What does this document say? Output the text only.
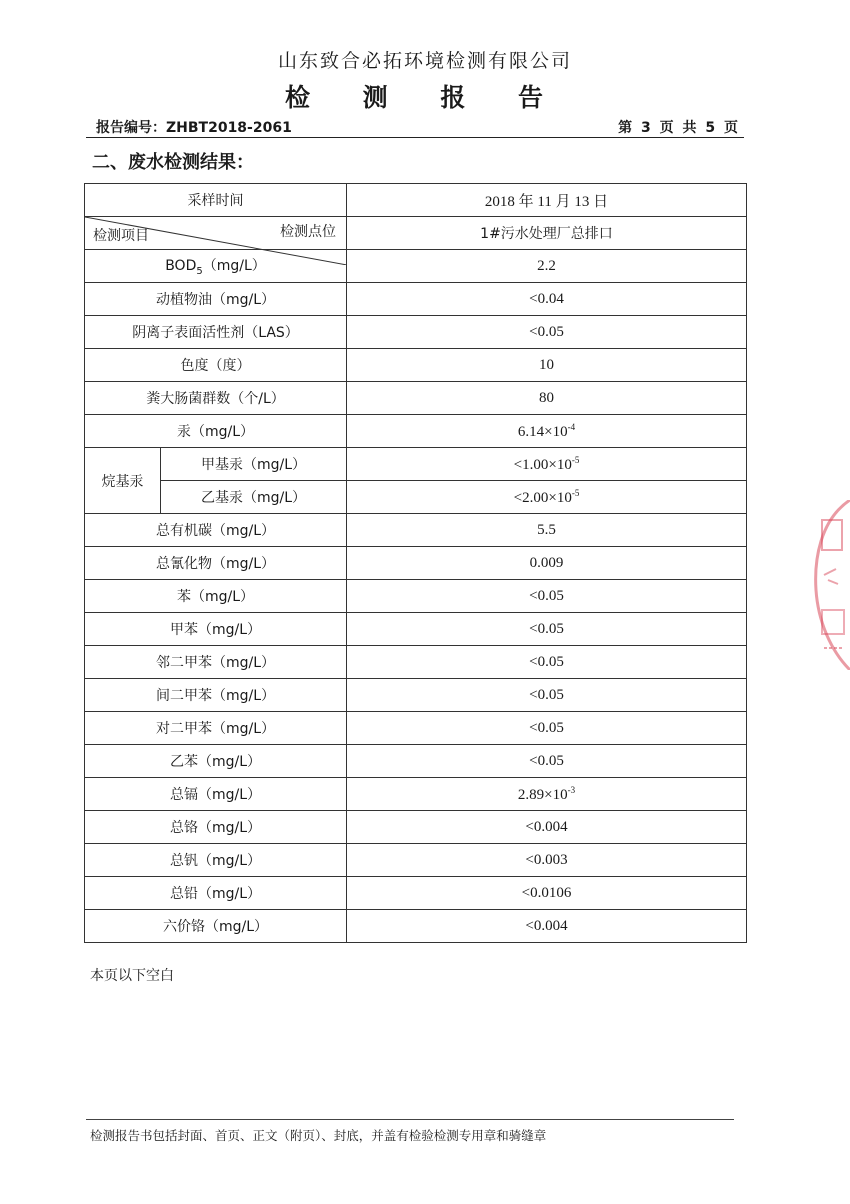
山东致合必拓环境检测有限公司
检 测 报 告
报告编号：ZHBT2018-2061	第 3 页 共 5 页
二、废水检测结果：
采样时间		2018 年 11 月 13 日

检测点位
检测项目		1#污水处理厂总排口
$BOD_5(mg/L)$		2.2
动植物油（mg/L）		<0.04
阴离子表面活性剂（LAS）		<0.05
色度（度）		10
粪大肠菌群数（个/L）		80
汞（mg/L）		$6.14\times 10^{-4}$
烷基汞	甲基汞（mg/L）	$<1.00\times 10^{-5}$
	乙基汞（mg/L）	$<2.00\times 10^{-5}$
总有机碳（mg/L）		5.5
总氰化物（mg/L）		0.009
苯（mg/L）		<0.05
甲苯（mg/L）		<0.05
邻二甲苯（mg/L）		<0.05
间二甲苯（mg/L）		<0.05
对二甲苯（mg/L）		<0.05
乙苯（mg/L）		<0.05
总镉（mg/L）		$2.89\times 10^{-3}$
总铬（mg/L）		<0.004
总钒（mg/L）		<0.003
总铅（mg/L）		<0.0106
六价铬（mg/L）		<0.004
本页以下空白
检测报告书包括封面、首页、正文（附页）、封底，并盖有检验检测专用章和骑缝章
